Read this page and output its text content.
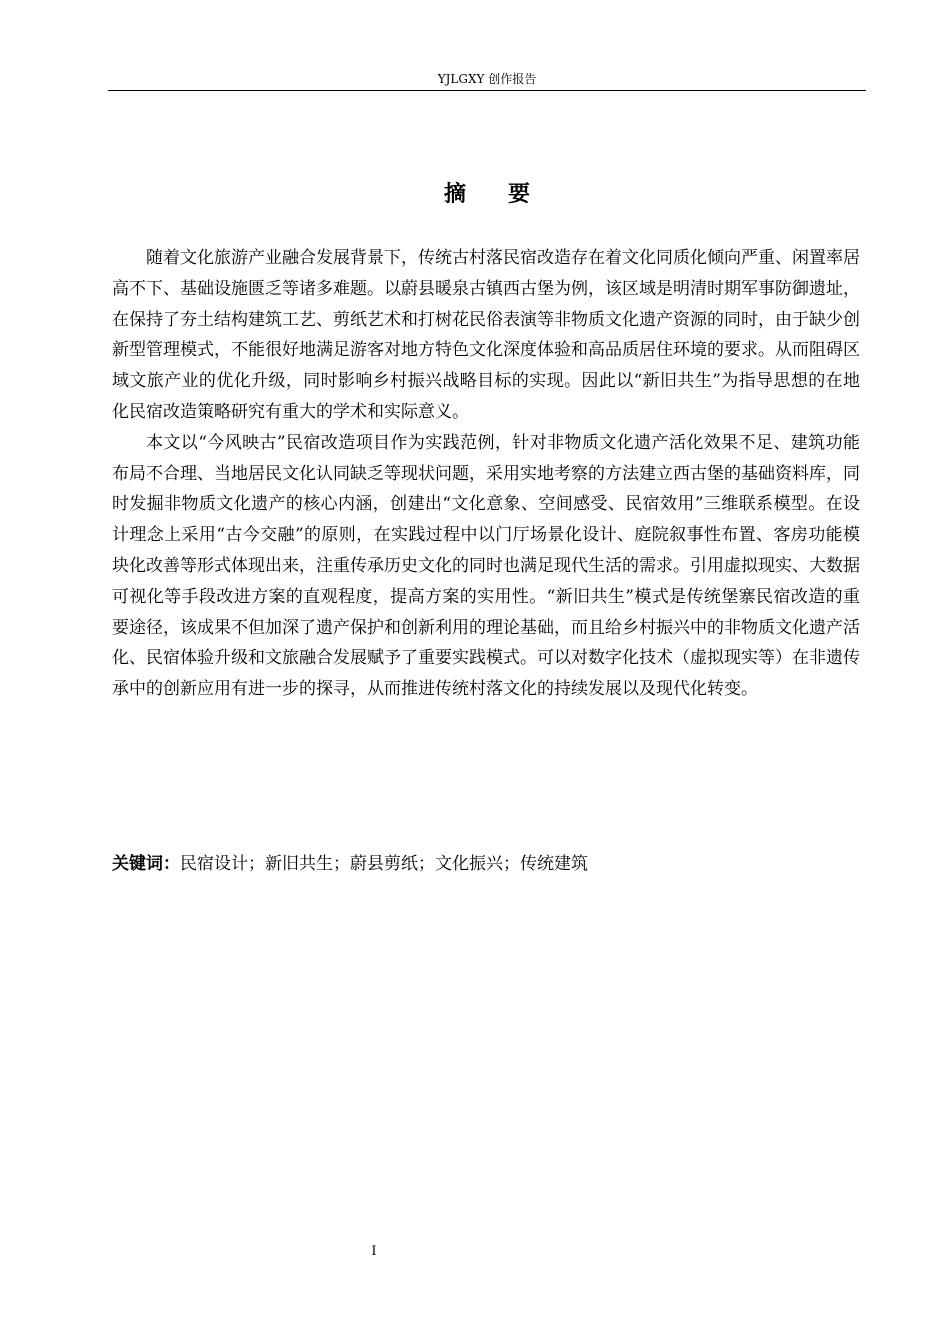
YJLGXY 创作报告
摘要

随着文化旅游产业融合发展背景下，传统古村落民宿改造存在着文化同质化倾向严重、闲置率居高不下、基础设施匮乏等诸多难题。以蔚县暖泉古镇西古堡为例，该区域是明清时期军事防御遗址，在保持了夯土结构建筑工艺、剪纸艺术和打树花民俗表演等非物质文化遗产资源的同时，由于缺少创新型管理模式，不能很好地满足游客对地方特色文化深度体验和高品质居住环境的要求。从而阻碍区域文旅产业的优化升级，同时影响乡村振兴战略目标的实现。因此以“新旧共生”为指导思想的在地化民宿改造策略研究有重大的学术和实际意义。

本文以“今风映古”民宿改造项目作为实践范例，针对非物质文化遗产活化效果不足、建筑功能布局不合理、当地居民文化认同缺乏等现状问题，采用实地考察的方法建立西古堡的基础资料库，同时发掘非物质文化遗产的核心内涵，创建出“文化意象、空间感受、民宿效用”三维联系模型。在设计理念上采用“古今交融”的原则，在实践过程中以门厅场景化设计、庭院叙事性布置、客房功能模块化改善等形式体现出来，注重传承历史文化的同时也满足现代生活的需求。引用虚拟现实、大数据可视化等手段改进方案的直观程度，提高方案的实用性。“新旧共生”模式是传统堡寨民宿改造的重要途径，该成果不但加深了遗产保护和创新利用的理论基础，而且给乡村振兴中的非物质文化遗产活化、民宿体验升级和文旅融合发展赋予了重要实践模式。可以对数字化技术（虚拟现实等）在非遗传承中的创新应用有进一步的探寻，从而推进传统村落文化的持续发展以及现代化转变。

关键词：民宿设计；新旧共生；蔚县剪纸；文化振兴；传统建筑
I
